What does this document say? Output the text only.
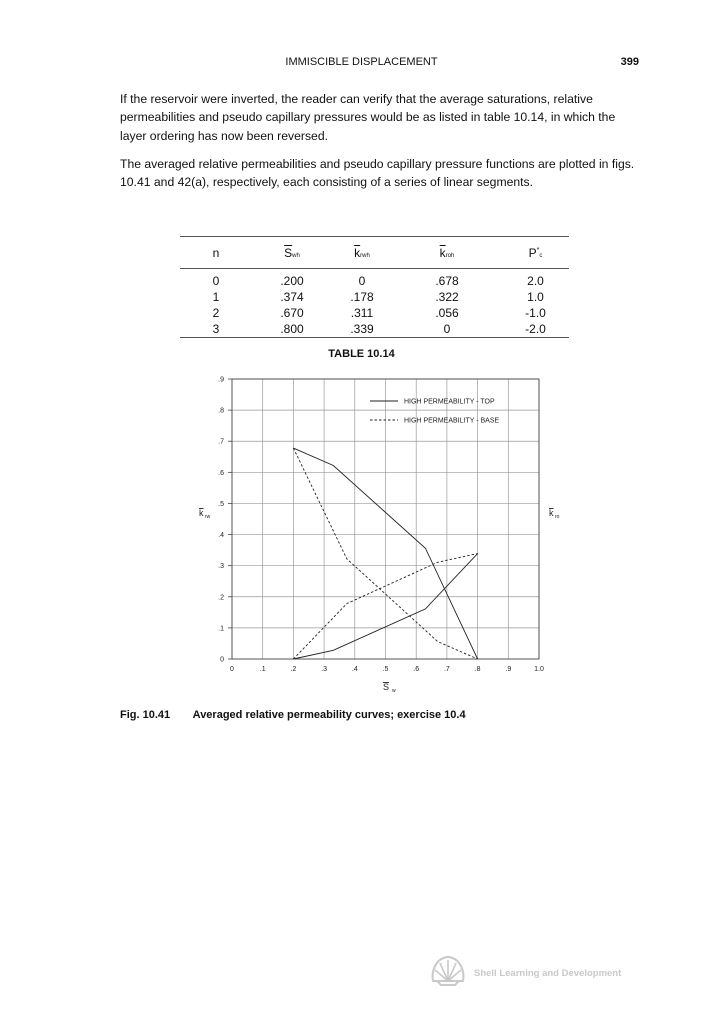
IMMISCIBLE DISPLACEMENT	399

If the reservoir were inverted, the reader can verify that the average saturations, relative permeabilities and pseudo capillary pressures would be as listed in table 10.14, in which the layer ordering has now been reversed.

The averaged relative permeabilities and pseudo capillary pressure functions are plotted in figs. 10.41 and 42(a), respectively, each consisting of a series of linear segments.

n	$\overline{S}wh$	$\overline{k}rwh$	$\overline{k}roh$	P*c
0	.200	0	.678	2.0
1	.374	.178	.322	1.0
2	.670	.311	.056	-1.0
3	.800	.339	0	-2.0
TABLE 10.14
0	.1	.2	.3	.4	.5	.6	.7	.8	.9	1.0
0
.1
.2
.3
.4
.5
.6
.7
.8
.9
HIGH PERMEABILITY - TOP
HIGH PERMEABILITY - BASE
S w
k rw	k ro
Fig. 10.41 Averaged relative permeability curves; exercise 10.4
Shell Learning and Development
